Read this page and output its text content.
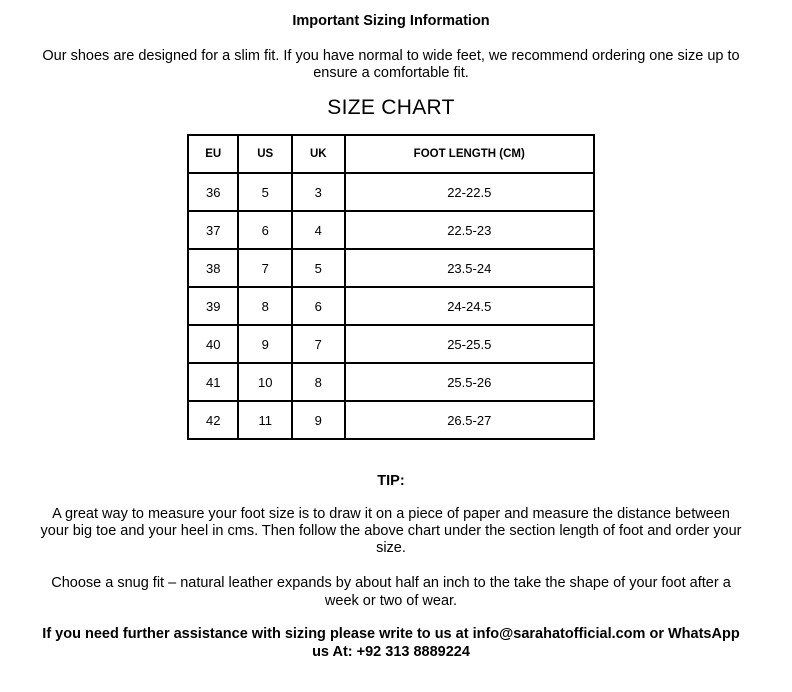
Important Sizing Information
Our shoes are designed for a slim fit. If you have normal to wide feet, we recommend ordering one size up to ensure a comfortable fit.
SIZE CHART
EU	US	UK	FOOT LENGTH (CM)
36	5	3	22-22.5
37	6	4	22.5-23
38	7	5	23.5-24
39	8	6	24-24.5
40	9	7	25-25.5
41	10	8	25.5-26
42	11	9	26.5-27
TIP:
A great way to measure your foot size is to draw it on a piece of paper and measure the distance between your big toe and your heel in cms. Then follow the above chart under the section length of foot and order your size.
Choose a snug fit – natural leather expands by about half an inch to the take the shape of your foot after a week or two of wear.
If you need further assistance with sizing please write to us at info@sarahatofficial.com or WhatsApp us At: +92 313 8889224
